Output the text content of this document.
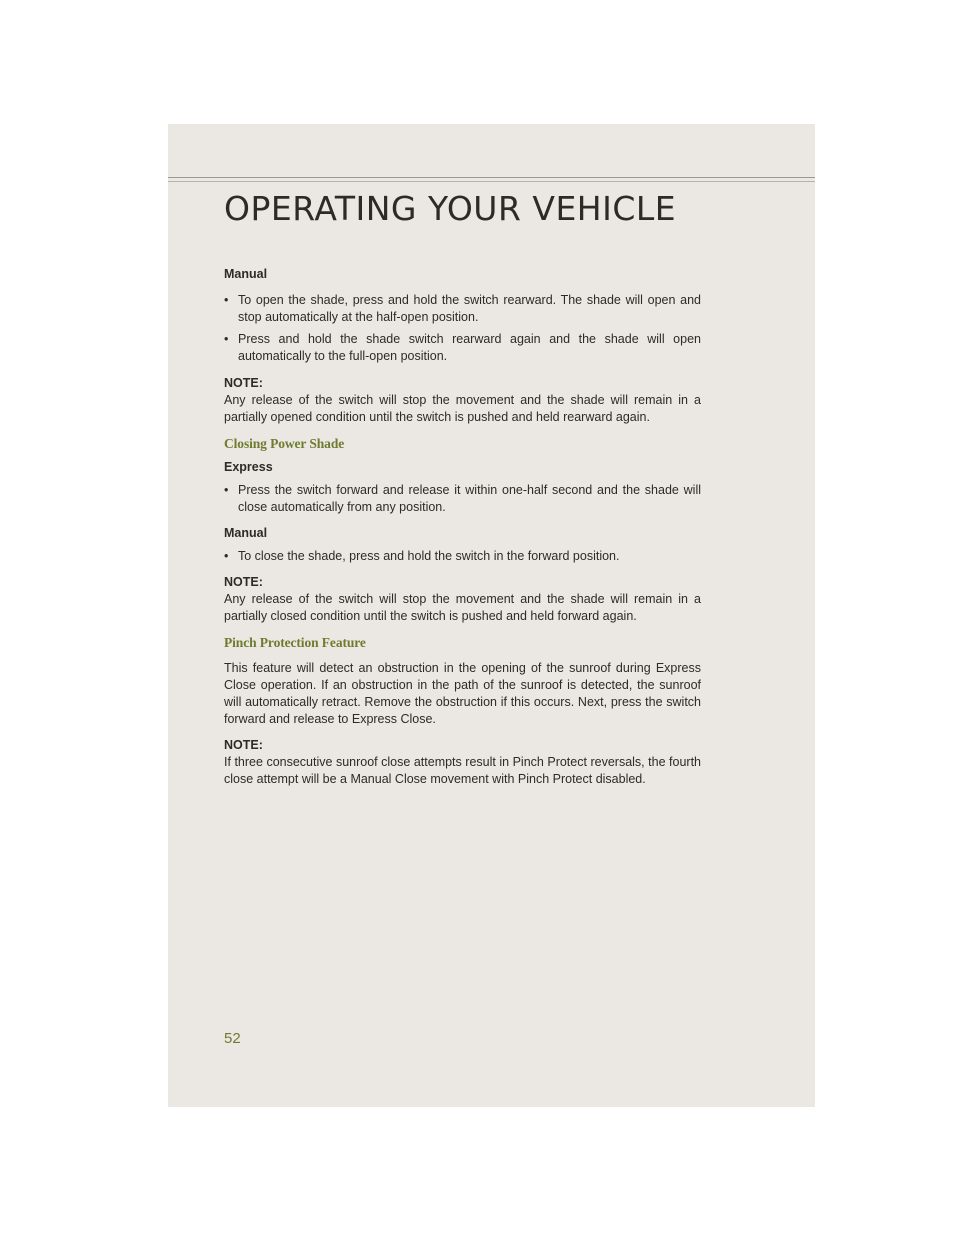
OPERATING YOUR VEHICLE

Manual

• To open the shade, press and hold the switch rearward. The shade will open and stop automatically at the half-open position.
• Press and hold the shade switch rearward again and the shade will open automatically to the full-open position.

NOTE:

Any release of the switch will stop the movement and the shade will remain in a partially opened condition until the switch is pushed and held rearward again.

Closing Power Shade

Express

• Press the switch forward and release it within one-half second and the shade will close automatically from any position.

Manual

• To close the shade, press and hold the switch in the forward position.

NOTE:

Any release of the switch will stop the movement and the shade will remain in a partially closed condition until the switch is pushed and held forward again.

Pinch Protection Feature

This feature will detect an obstruction in the opening of the sunroof during Express Close operation. If an obstruction in the path of the sunroof is detected, the sunroof will automatically retract. Remove the obstruction if this occurs. Next, press the switch forward and release to Express Close.

NOTE:

If three consecutive sunroof close attempts result in Pinch Protect reversals, the fourth close attempt will be a Manual Close movement with Pinch Protect disabled.

52
